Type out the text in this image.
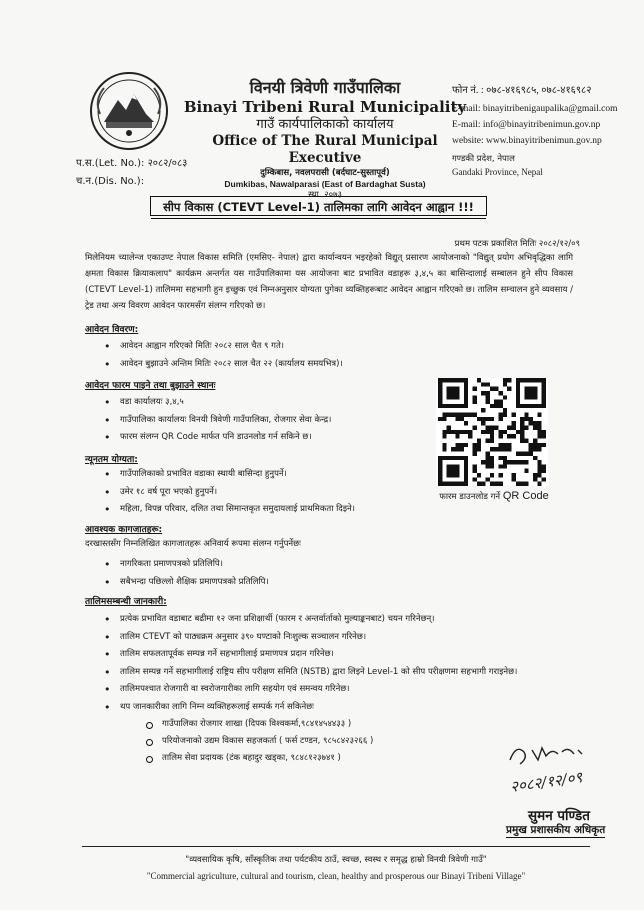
विनयी त्रिवेणी गाउँपालिका
Binayi Tribeni Rural Municipality
गाउँ कार्यपालिकाको कार्यालय
Office of The Rural Municipal Executive
दुम्किबास, नवलपरासी (बर्दघाट-सुस्तापूर्व)
Dumkibas, Nawalparasi (East of Bardaghat Susta)
स्था. २०७३
फोन नं. : ०७८-४१६९८५, ०७८-४१६९८२
E-mail: binayitribenigaupalika@gmail.com
E-mail: info@binayitribenimun.gov.np
website: www.binayitribenimun.gov.np
गण्डकी प्रदेश, नेपाल
Gandaki Province, Nepal
प.स.(Let. No.): २०८२/०८३
च.न.(Dis. No.):
सीप विकास (CTEVT Level-1) तालिमका लागि आवेदन आह्वान !!!
प्रथम पटक प्रकाशित मितिः २०८२/१२/०९
मिलेनियम च्यालेन्ज एकाउण्ट नेपाल विकास समिति (एमसिए- नेपाल) द्वारा कार्यान्वयन भइरहेको विद्युत् प्रसारण आयोजनाको "विद्युत् प्रयोग अभिवृद्धिका लागि क्षमता विकास क्रियाकलाप" कार्यक्रम अन्तर्गत यस गाउँपालिकामा यस आयोजना बाट प्रभावित वडाहरू ३,४,५ का बासिन्दालाई सम्बालन हुने सीप विकास (CTEVT Level-1) तालिममा सहभागी हुन इच्छुक एवं निम्नअनुसार योग्यता पुगेका व्यक्तिहरूबाट आवेदन आह्वान गरिएको छ। तालिम सम्चालन हुने व्यवसाय / ट्रेड तथा अन्य विवरण आवेदन फारमसँग संलग्न गरिएको छ।
आवेदन विवरण:
• आवेदन आह्वान गरिएको मितिः २०८२ साल चैत ९ गते।
• आवेदन बुझाउने अन्तिम मितिः २०८२ साल चैत २२ (कार्यालय समयभित्र)।
आवेदन फारम पाइने तथा बुझाउने स्थानः
• वडा कार्यालयः ३,४,५
• गाउँपालिका कार्यालयः विनयी त्रिवेणी गाउँपालिका, रोजगार सेवा केन्द्र।
• फारम संलग्न QR Code मार्फत पनि डाउनलोड गर्न सकिने छ।
न्यूनतम योग्यता:
• गाउँपालिकाको प्रभावित वडाका स्थायी बासिन्दा हुनुपर्ने।
• उमेर १८ वर्ष पूरा भएको हुनुपर्ने।
• महिला, विपन्न परिवार, दलित तथा सिमान्तकृत समुदायलाई प्राथमिकता दिइने।
आवश्यक कागजातहरू:
दरखास्तसँग निम्नलिखित कागजातहरू अनिवार्य रूपमा संलग्न गर्नुपर्नेछः
• नागरिकता प्रमाणपत्रको प्रतिलिपि।
• सबैभन्दा पछिल्लो शैक्षिक प्रमाणपत्रको प्रतिलिपि।
तालिमसम्बन्धी जानकारी:
• प्रत्येक प्रभावित वडाबाट बढीमा १२ जना प्रशिक्षार्थी (फारम र अन्तर्वार्ताको मुल्याङ्कनबाट) चयन गरिनेछन्।
• तालिम CTEVT को पाठ्यक्रम अनुसार ३९० घण्टाको निःशुल्क सञ्चालन गरिनेछ।
• तालिम सफलतापूर्वक सम्पन्न गर्ने सहभागीलाई प्रमाणपत्र प्रदान गरिनेछ।
• तालिम सम्पन्न गर्ने सहभागीलाई राष्ट्रिय सीप परीक्षण समिति (NSTB) द्वारा लिइने Level-1 को सीप परीक्षणमा सहभागी गराइनेछ।
• तालिमपश्चात रोजगारी वा स्वरोजगारीका लागि सहयोग एवं समन्वय गरिनेछ।
• थप जानकारीका लागि निम्न व्यक्तिहरूलाई सम्पर्क गर्न सकिनेछः
गाउँपालिका रोजगार शाखा (दिपक विश्वकर्मा,९८४१४५४४३३ )
परियोजनाको उद्यम विकास सहजकर्ता ( फर्स टण्डन, ९८५८४२३२६६ )
तालिम सेवा प्रदायक (टंक बहादुर खड्का, ९८४८१२३७४१ )
फारम डाउनलोड गर्ने QR Code
२०८२/१२/०९
सुमन पण्डित
प्रमुख प्रशासकीय अधिकृत
"व्यवसायिक कृषि, साँस्कृतिक तथा पर्यटकीय ठाउँ, स्वच्छ, स्वस्थ र समृद्ध हाम्रो विनयी त्रिवेणी गाउँ"
"Commercial agriculture, cultural and tourism, clean, healthy and prosperous our Binayi Tribeni Village"
